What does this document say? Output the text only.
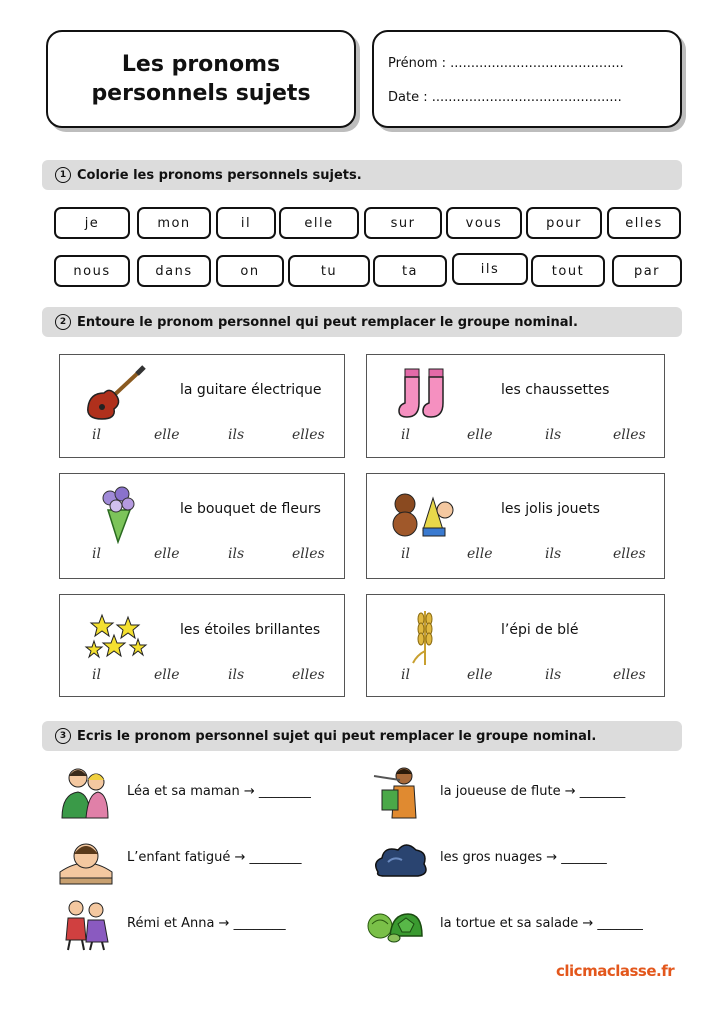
Les pronoms
personnels sujets
Prénom : ..........................................
Date : ..............................................
1 Colorie les pronoms personnels sujets.
je	mon	il	elle	sur	vous	pour	elles
nous	dans	on	tu	ta	ils	tout	par
2 Entoure le pronom personnel qui peut remplacer le groupe nominal.
la guitare électrique
il	elle	ils	elles
les chaussettes
il	elle	ils	elles
le bouquet de fleurs
il	elle	ils	elles
les jolis jouets
il	elle	ils	elles
les étoiles brillantes
il	elle	ils	elles
l’épi de blé
il	elle	ils	elles
3 Ecris le pronom personnel sujet qui peut remplacer le groupe nominal.
Léa et sa maman → ________	la joueuse de flute → _______
L’enfant fatigué → ________	les gros nuages → _______
Rémi et Anna → ________	la tortue et sa salade → _______
clicmaclasse.fr
